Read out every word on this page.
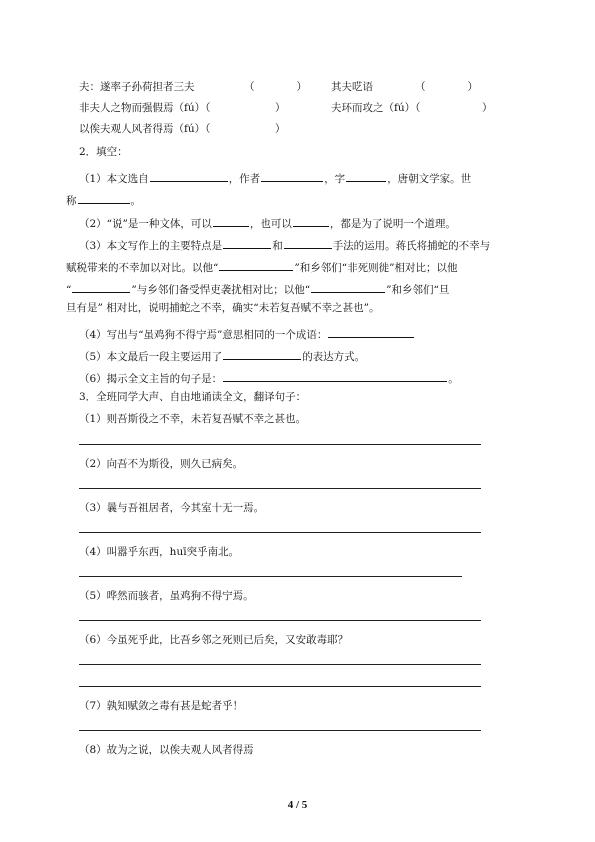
夫：遂率子孙荷担者三夫	（　　　　） 其夫呓语	（　　　　）
非夫人之物而强假焉（fú）（	）	夫环而攻之（fú）（	）
以俟夫观人风者得焉（fú）（	）
2．填空：
（1）本文选自	，作者	，字	，唐朝文学家。世
称	。
（2）“说”是一种文体，可以	，也可以	，都是为了说明一个道理。
（3）本文写作上的主要特点是	和	手法的运用。蒋氏将捕蛇的不幸与
赋税带来的不幸加以对比。以他“	”和乡邻们“非死则徙”相对比；以他
“	”与乡邻们备受悍吏袭扰相对比；以他“	”和乡邻们“旦
旦有是” 相对比，说明捕蛇之不幸，确实“未若复吾赋不幸之甚也”。
（4）写出与“虽鸡狗不得宁焉”意思相同的一个成语：
（5）本文最后一段主要运用了	的表达方式。
（6）揭示全文主旨的句子是：	。
3．全班同学大声、自由地诵读全文，翻译句子：
（1）则吾斯役之不幸，未若复吾赋不幸之甚也。
（2）向吾不为斯役，则久已病矣。
（3）曩与吾祖居者，今其室十无一焉。
（4）叫嚣乎东西，huī突乎南北。
（5）哗然而骇者，虽鸡狗不得宁焉。
（6）今虽死乎此，比吾乡邻之死则已后矣，又安敢毒耶？
（7）孰知赋敛之毒有甚是蛇者乎！
（8）故为之说，以俟夫观人风者得焉
4 / 5
